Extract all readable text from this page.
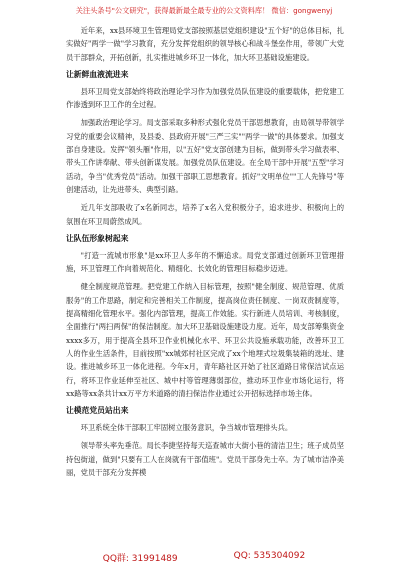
关注头条号"公文研究"，获得最新最全最专业的公文资料库！ 微信：gongwenyj

近年来，xx县环境卫生管理局党支部按照基层党组织建设"五个好"的总体目标，扎实做好"两学一做"学习教育，充分发挥党组织的领导核心和战斗堡垒作用，带领广大党员干部群众，开拓创新，扎实推进城乡环卫一体化，加大环卫基础设施建设。

让新鲜血液流进来

县环卫局党支部始终将政治理论学习作为加强党员队伍建设的重要载体，把党建工作渗透到环卫工作的全过程。

加强政治理论学习。局支部采取多种形式强化党员干部思想教育，由局领导带领学习党的重要会议精神，及县委、县政府开展"三严三实""两学一做"的具体要求。加强支部自身建设。发挥"领头雁"作用，以"五好"党支部创建为目标，做到带头学习做表率、带头工作讲奉献、带头创新谋发展。加强党员队伍建设。在全局干部中开展"五型"学习活动，争当"优秀党员"活动。加强干部职工思想教育。抓好"文明单位""工人先锋号"等创建活动，让先进带头、典型引路。

近几年支部吸收了x名新同志，培养了x名入党积极分子，追求进步、积极向上的氛围在环卫局蔚然成风。

让队伍形象树起来

"打造一流城市形象"是xx环卫人多年的不懈追求。局党支部通过创新环卫管理措施，环卫管理工作向着规范化、精细化、长效化的管理目标稳步迈进。

健全制度规范管理。把党建工作纳入目标管理，按照"健全制度、规范管理、优质服务"的工作思路，制定和完善相关工作制度，提高岗位责任制度、一岗双责制度等，提高精细化管理水平。强化内部管理，提高工作效能。实行新进人员培训、考核制度，全面推行"两扫两保"的保洁制度。加大环卫基础设施建设力度。近年，局支部筹集资金xxxx多万，用于提高全县环卫作业机械化水平、环卫公共设施承载功能，改善环卫工人的作业生活条件，目前按照"xx城郊村社区完成了xx个地埋式垃圾集装箱的选址、建设。推进城乡环卫一体化进程。今年x月，青年路社区开始了社区道路日常保洁试点运行，将环卫作业延伸至社区、城中村等管理薄弱部位，推动环卫作业市场化运行，将xx路等xx条共计xx万平方米道路的清扫保洁作业通过公开招标选择市场主体。

让模范党员站出来

环卫系统全体干部职工牢固树立服务意识，争当城市管理排头兵。

领导带头率先垂范。局长李捷坚持每天巡查城市大街小巷的清洁卫生；班子成员坚持包街道，做到"只要有工人在岗就有干部值班"。党员干部身先士卒。为了城市洁净美丽，党员干部充分发挥模

QQ群: 31991489	QQ: 535304092
